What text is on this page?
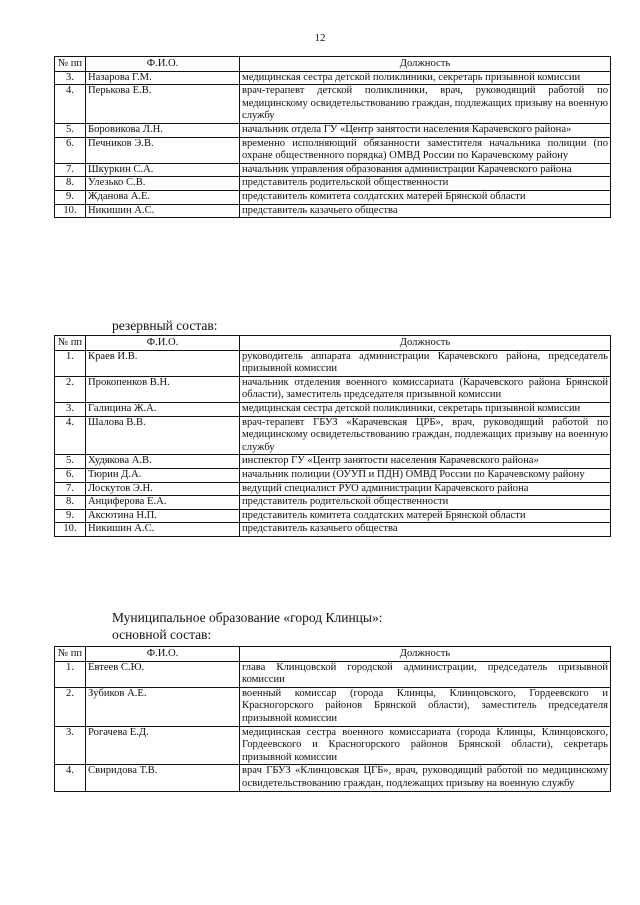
12
№ пп	Ф.И.О.	Должность
3.	Назарова Г.М.	медицинская сестра детской поликлиники, секретарь призывной комиссии
4.	Перькова Е.В.	врач-терапевт детской поликлиники, врач, руководящий работой по медицинскому освидетельствованию граждан, подлежащих призыву на военную службу
5.	Боровикова Л.Н.	начальник отдела ГУ «Центр занятости населения Карачевского района»
6.	Печников Э.В.	временно исполняющий обязанности заместителя начальника полиции (по охране общественного порядка) ОМВД России по Карачевскому району
7.	Шкуркин С.А.	начальник управления образования администрации Карачевского района
8.	Улезько С.В.	представитель родительской общественности
9.	Жданова А.Е.	представитель комитета солдатских матерей Брянской области
10.	Никишин А.С.	представитель казачьего общества
резервный состав:
№ пп	Ф.И.О.	Должность
1.	Краев И.В.	руководитель аппарата администрации Карачевского района, председатель призывной комиссии
2.	Прокопенков В.Н.	начальник отделения военного комиссариата (Карачевского района Брянской области), заместитель председателя призывной комиссии
3.	Галицина Ж.А.	медицинская сестра детской поликлиники, секретарь призывной комиссии
4.	Шалова В.В.	врач-терапевт ГБУЗ «Карачевская ЦРБ», врач, руководящий работой по медицинскому освидетельствованию граждан, подлежащих призыву на военную службу
5.	Худякова А.В.	инспектор ГУ «Центр занятости населения Карачевского района»
6.	Тюрин Д.А.	начальник полиции (ОУУП и ПДН) ОМВД России по Карачевскому району
7.	Лоскутов Э.Н.	ведущий специалист РУО администрации Карачевского района
8.	Анциферова Е.А.	представитель родительской общественности
9.	Аксютина Н.П.	представитель комитета солдатских матерей Брянской области
10.	Никишин А.С.	представитель казачьего общества
Муниципальное образование «город Клинцы»:
основной состав:
№ пп	Ф.И.О.	Должность
1.	Евтеев С.Ю.	глава Клинцовской городской администрации, председатель призывной комиссии
2.	Зубиков А.Е.	военный комиссар (города Клинцы, Клинцовского, Гордеевского и Красногорского районов Брянской области), заместитель председателя призывной комиссии
3.	Рогачева Е.Д.	медицинская сестра военного комиссариата (города Клинцы, Клинцовского, Гордеевского и Красногорского районов Брянской области), секретарь призывной комиссии
4.	Свиридова Т.В.	врач ГБУЗ «Клинцовская ЦГБ», врач, руководящий работой по медицинскому освидетельствованию граждан, подлежащих призыву на военную службу
